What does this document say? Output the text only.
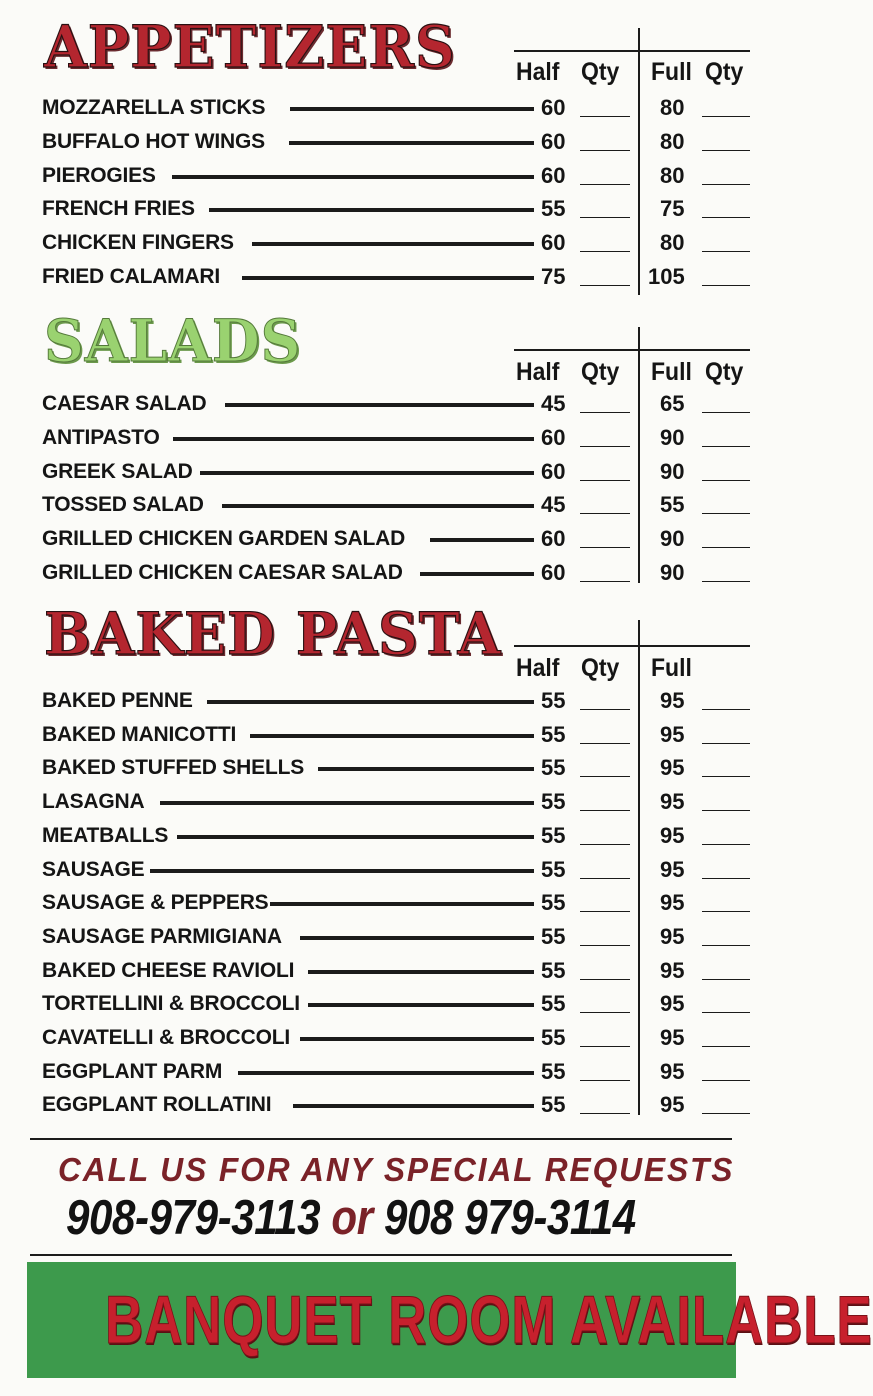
APPETIZERS Half Qty Full Qty
MOZZARELLA STICKS	60	80
BUFFALO HOT WINGS	60	80
PIEROGIES	60	80
FRENCH FRIES	55	75
CHICKEN FINGERS	60	80
FRIED CALAMARI	75	105
SALADS	Half Qty Full Qty
CAESAR SALAD	45	65
ANTIPASTO	60	90
GREEK SALAD	60	90
TOSSED SALAD	45	55
GRILLED CHICKEN GARDEN SALAD	60	90
GRILLED CHICKEN CAESAR SALAD	60	90
BAKED PASTA Half Qty Full
BAKED PENNE	55	95
BAKED MANICOTTI	55	95
BAKED STUFFED SHELLS	55	95
LASAGNA	55	95
MEATBALLS	55	95
SAUSAGE	55	95
SAUSAGE & PEPPERS	55	95
SAUSAGE PARMIGIANA	55	95
BAKED CHEESE RAVIOLI	55	95
TORTELLINI & BROCCOLI	55	95
CAVATELLI & BROCCOLI	55	95
EGGPLANT PARM	55	95
EGGPLANT ROLLATINI	55	95
CALL US FOR ANY SPECIAL REQUESTS
908-979-3113 or 908 979-3114
BANQUET ROOM AVAILABLE
